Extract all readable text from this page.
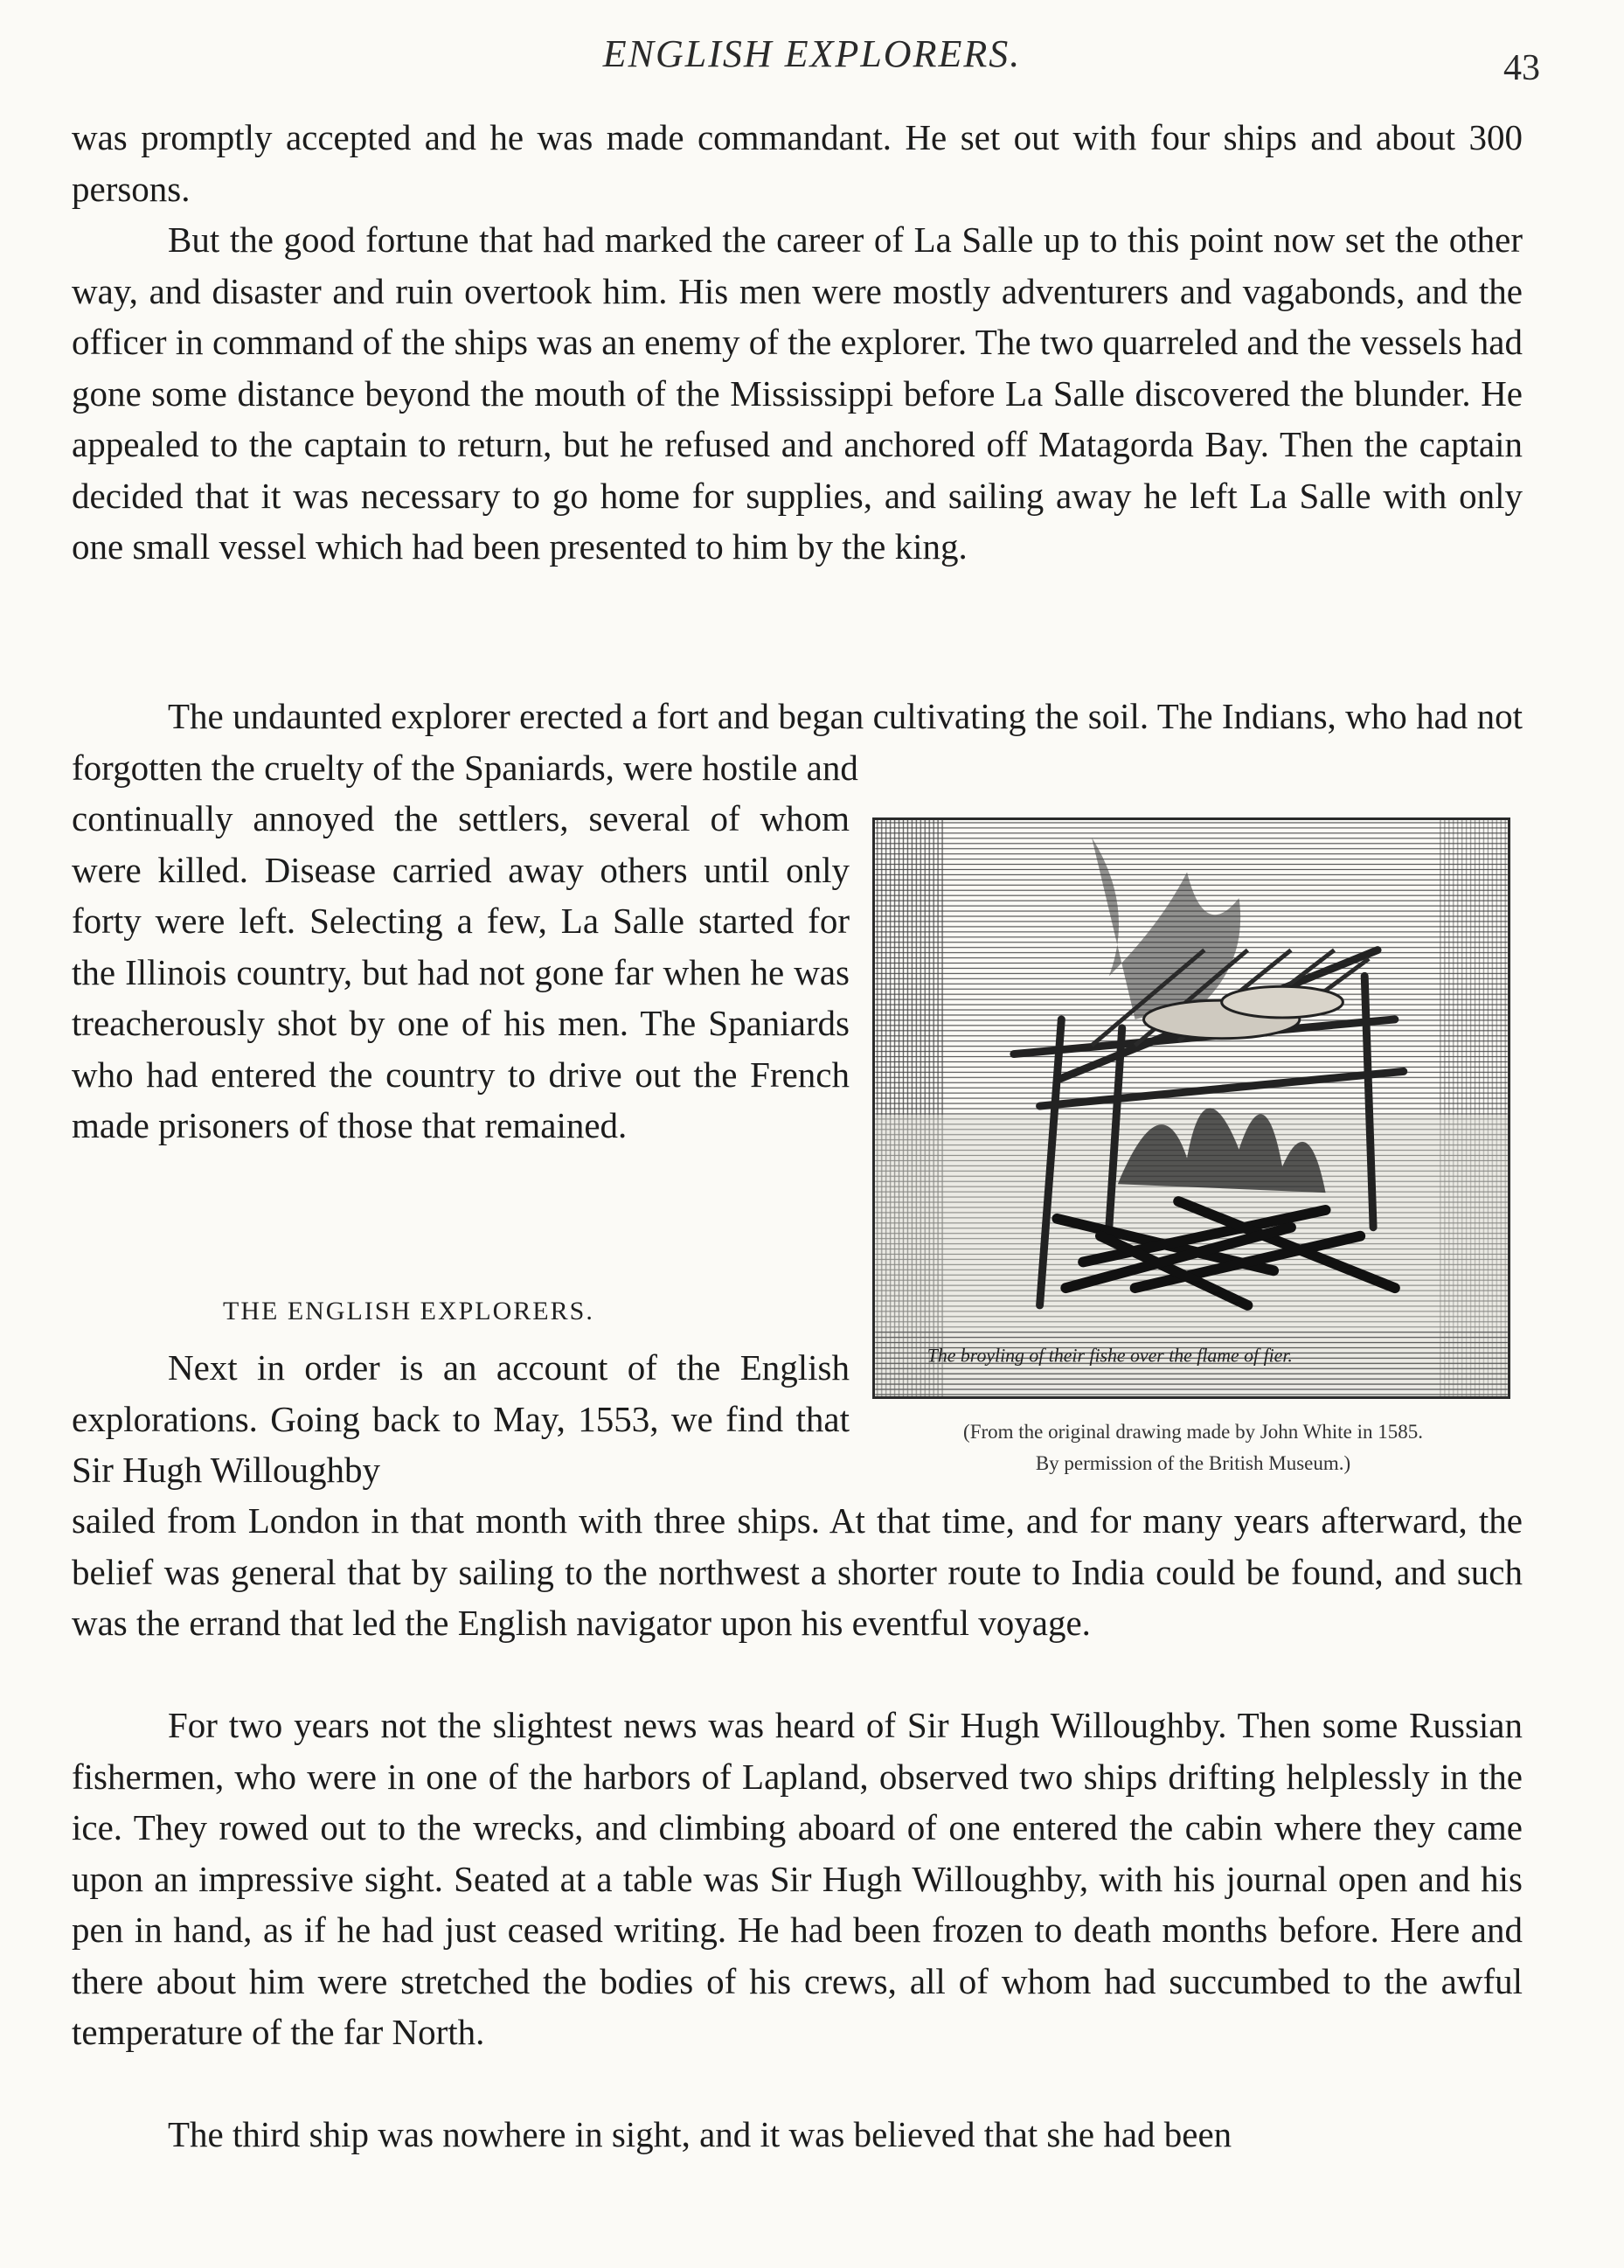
ENGLISH EXPLORERS.	43

was promptly accepted and he was made commandant. He set out with four ships and about 300 persons.

But the good fortune that had marked the career of La Salle up to this point now set the other way, and disaster and ruin overtook him. His men were mostly adventurers and vagabonds, and the officer in command of the ships was an enemy of the explorer. The two quarreled and the vessels had gone some distance beyond the mouth of the Mississippi before La Salle discovered the blunder. He appealed to the captain to return, but he refused and anchored off Matagorda Bay. Then the captain decided that it was necessary to go home for supplies, and sailing away he left La Salle with only one small vessel which had been presented to him by the king.

The undaunted explorer erected a fort and began cultivating the soil. The Indians, who had not forgotten the cruelty of the Spaniards, were hostile and

continually annoyed the settlers, several of whom were killed. Disease carried away others until only forty were left. Selecting a few, La Salle started for the Illinois country, but had not gone far when he was treacherously shot by one of his men. The Spaniards who had entered the country to drive out the French made prisoners of those that remained.

THE ENGLISH EXPLORERS.

Next in order is an account of the English explorations. Going back to May, 1553, we find that Sir Hugh Willoughby

sailed from London in that month with three ships. At that time, and for many years afterward, the belief was general that by sailing to the northwest a shorter route to India could be found, and such was the errand that led the English navigator upon his eventful voyage.

For two years not the slightest news was heard of Sir Hugh Willoughby. Then some Russian fishermen, who were in one of the harbors of Lapland, observed two ships drifting helplessly in the ice. They rowed out to the wrecks, and climbing aboard of one entered the cabin where they came upon an impressive sight. Seated at a table was Sir Hugh Willoughby, with his journal open and his pen in hand, as if he had just ceased writing. He had been frozen to death months before. Here and there about him were stretched the bodies of his crews, all of whom had succumbed to the awful temperature of the far North.

The third ship was nowhere in sight, and it was believed that she had been

The broyling of their fishe over the flame of fier.

(From the original drawing made by John White in 1585.
By permission of the British Museum.)
